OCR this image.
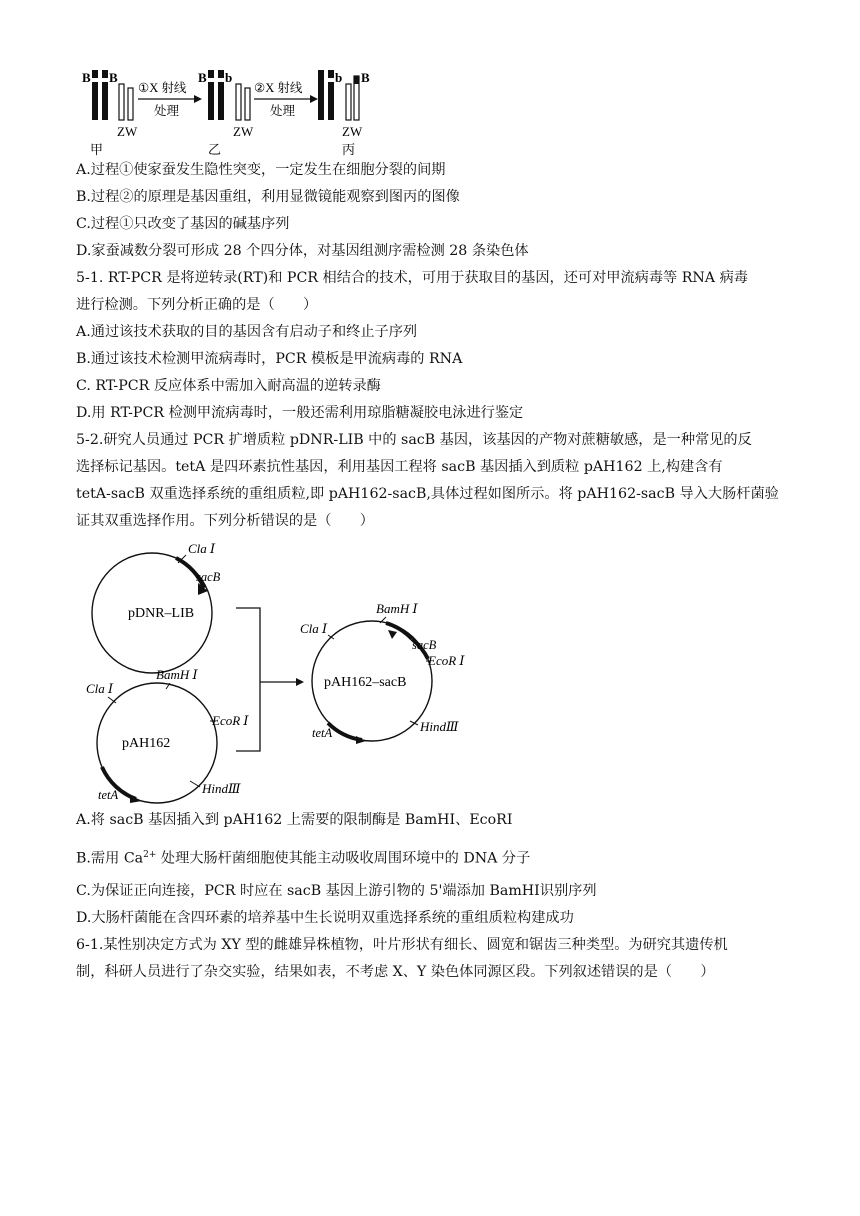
B B
ZW
甲
①X 射线
处理
B b
ZW
乙
②X 射线
处理
b B
ZW
丙
A.过程①使家蚕发生隐性突变，一定发生在细胞分裂的间期
B.过程②的原理是基因重组，利用显微镜能观察到图丙的图像
C.过程①只改变了基因的碱基序列
D.家蚕减数分裂可形成 28 个四分体，对基因组测序需检测 28 条染色体
5-1. RT-PCR 是将逆转录(RT)和 PCR 相结合的技术，可用于获取目的基因，还可对甲流病毒等 RNA 病毒
进行检测。下列分析正确的是（　　）
A.通过该技术获取的目的基因含有启动子和终止子序列
B.通过该技术检测甲流病毒时，PCR 模板是甲流病毒的 RNA
C. RT-PCR 反应体系中需加入耐高温的逆转录酶
D.用 RT-PCR 检测甲流病毒时，一般还需利用琼脂糖凝胶电泳进行鉴定
5-2.研究人员通过 PCR 扩增质粒 pDNR-LIB 中的 sacB 基因，该基因的产物对蔗糖敏感，是一种常见的反
选择标记基因。tetA 是四环素抗性基因，利用基因工程将 sacB 基因插入到质粒 pAH162 上,构建含有
tetA-sacB 双重选择系统的重组质粒,即 pAH162-sacB,具体过程如图所示。将 pAH162-sacB 导入大肠杆菌验
证其双重选择作用。下列分析错误的是（　　）
pDNR–LIB
Cla Ⅰ
sacB
pAH162
Cla Ⅰ
BamH Ⅰ
EcoR Ⅰ
HindⅢ
tetA
pAH162–sacB
Cla Ⅰ
BamH Ⅰ
sacB
EcoR Ⅰ
HindⅢ
tetA
A.将 sacB 基因插入到 pAH162 上需要的限制酶是 BamHⅠ、EcoRI
B.需用 $Ca^{2+}$ 处理大肠杆菌细胞使其能主动吸收周围环境中的 DNA 分子
C.为保证正向连接，PCR 时应在 sacB 基因上游引物的 5'端添加 BamHⅠ识别序列
D.大肠杆菌能在含四环素的培养基中生长说明双重选择系统的重组质粒构建成功
6-1.某性别决定方式为 XY 型的雌雄异株植物，叶片形状有细长、圆宽和锯齿三种类型。为研究其遗传机
制，科研人员进行了杂交实验，结果如表，不考虑 X、Y 染色体同源区段。下列叙述错误的是（　　）
